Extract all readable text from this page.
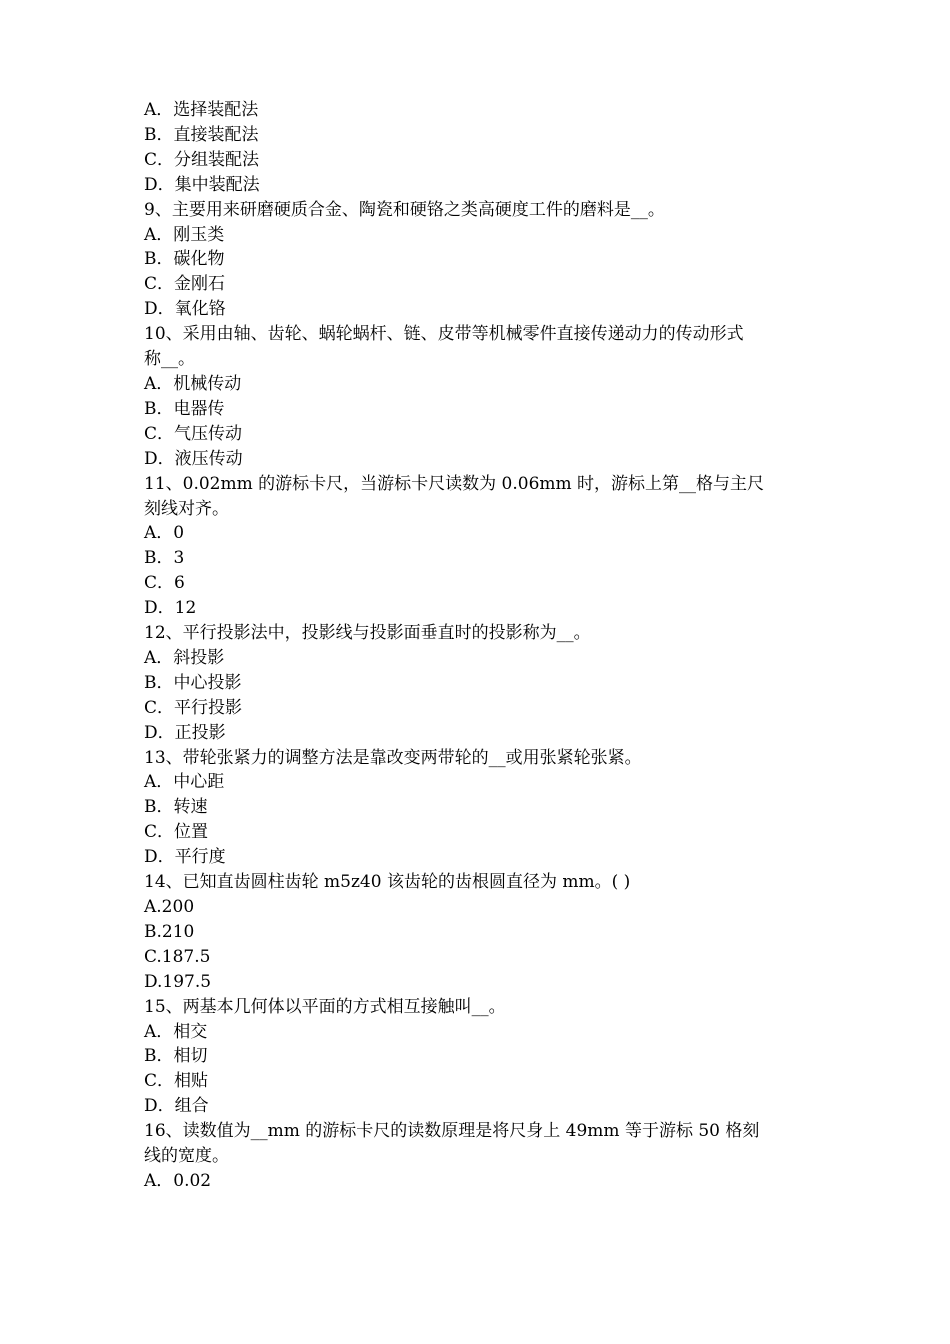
A．选择装配法

B．直接装配法

C．分组装配法

D．集中装配法

9、主要用来研磨硬质合金、陶瓷和硬铬之类高硬度工件的磨料是__。

A．刚玉类

B．碳化物

C．金刚石

D．氧化铬

10、采用由轴、齿轮、蜗轮蜗杆、链、皮带等机械零件直接传递动力的传动形式

称__。

A．机械传动

B．电器传

C．气压传动

D．液压传动

11、0.02mm 的游标卡尺，当游标卡尺读数为 0.06mm 时，游标上第__格与主尺

刻线对齐。

A．0

B．3

C．6

D．12

12、平行投影法中，投影线与投影面垂直时的投影称为__。

A．斜投影

B．中心投影

C．平行投影

D．正投影

13、带轮张紧力的调整方法是靠改变两带轮的__或用张紧轮张紧。

A．中心距

B．转速

C．位置

D．平行度

14、已知直齿圆柱齿轮 m5z40 该齿轮的齿根圆直径为 mm。( )

A.200

B.210

C.187.5

D.197.5

15、两基本几何体以平面的方式相互接触叫__。

A．相交

B．相切

C．相贴

D．组合

16、读数值为__mm 的游标卡尺的读数原理是将尺身上 49mm 等于游标 50 格刻

线的宽度。

A．0.02
